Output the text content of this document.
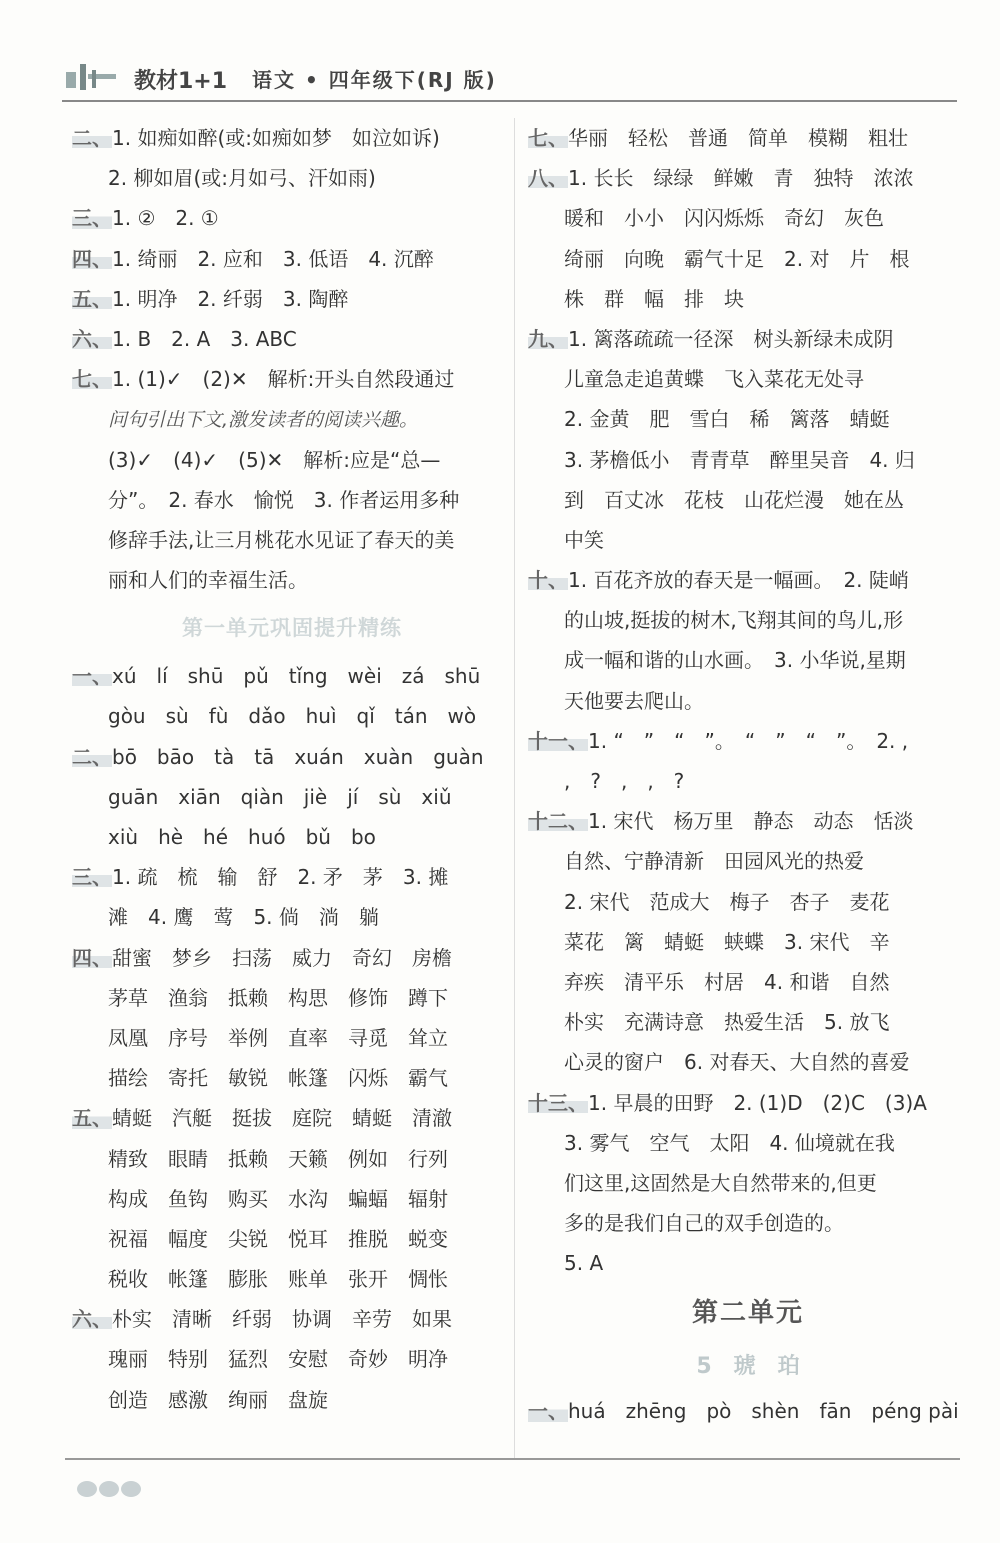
教材1+1 语文 • 四年级下(RJ 版)
二、1. 如痴如醉(或:如痴如梦　如泣如诉)
2. 柳如眉(或:月如弓、汗如雨)
三、1. ②　2. ①
四、1. 绮丽　2. 应和　3. 低语　4. 沉醉
五、1. 明净　2. 纤弱　3. 陶醉
六、1. B　2. A　3. ABC
七、1. (1)✓　(2)✕　解析:开头自然段通过
问句引出下文,激发读者的阅读兴趣。
(3)✓　(4)✓　(5)✕　解析:应是“总—
分”。　2. 春水　愉悦　3. 作者运用多种
修辞手法,让三月桃花水见证了春天的美
丽和人们的幸福生活。
第一单元巩固提升精练
一、xú　lí　shū　pǔ　tǐng　wèi　zá　shū
gòu　sù　fù　dǎo　huì　qǐ　tán　wò
二、bō　bāo　tà　tā　xuán　xuàn　guàn
guān　xiān　qiàn　jiè　jí　sù　xiǔ
xiù　hè　hé　huó　bǔ　bo
三、1. 疏　梳　输　舒　2. 矛　茅　3. 摊
滩　4. 鹰　莺　5. 倘　淌　躺
四、甜蜜　梦乡　扫荡　威力　奇幻　房檐
茅草　渔翁　抵赖　构思　修饰　蹲下
凤凰　序号　举例　直率　寻觅　耸立
描绘　寄托　敏锐　帐篷　闪烁　霸气
五、蜻蜓　汽艇　挺拔　庭院　蜻蜓　清澈
精致　眼睛　抵赖　天籁　例如　行列
构成　鱼钩　购买　水沟　蝙蝠　辐射
祝福　幅度　尖锐　悦耳　推脱　蜕变
税收　帐篷　膨胀　账单　张开　惆怅
六、朴实　清晰　纤弱　协调　辛劳　如果
瑰丽　特别　猛烈　安慰　奇妙　明净
创造　感激　绚丽　盘旋
七、华丽　轻松　普通　简单　模糊　粗壮
八、1. 长长　绿绿　鲜嫩　青　独特　浓浓
暖和　小小　闪闪烁烁　奇幻　灰色
绮丽　向晚　霸气十足　2. 对　片　根
株　群　幅　排　块
九、1. 篱落疏疏一径深　树头新绿未成阴
儿童急走追黄蝶　飞入菜花无处寻
2. 金黄　肥　雪白　稀　篱落　蜻蜓
3. 茅檐低小　青青草　醉里吴音　4. 归
到　百丈冰　花枝　山花烂漫　她在丛
中笑
十、1. 百花齐放的春天是一幅画。　2. 陡峭
的山坡,挺拔的树木,飞翔其间的鸟儿,形
成一幅和谐的山水画。　3. 小华说,星期
天他要去爬山。
十一、1. “　”　“　”。　“　”　“　”。　2. ,
,　?　,　,　?
十二、1. 宋代　杨万里　静态　动态　恬淡
自然、宁静清新　田园风光的热爱
2. 宋代　范成大　梅子　杏子　麦花
菜花　篱　蜻蜓　蛱蝶　3. 宋代　辛
弃疾　清平乐　村居　4. 和谐　自然
朴实　充满诗意　热爱生活　5. 放飞
心灵的窗户　6. 对春天、大自然的喜爱
十三、1. 早晨的田野　2. (1)D　(2)C　(3)A
3. 雾气　空气　太阳　4. 仙境就在我
们这里,这固然是大自然带来的,但更
多的是我们自己的双手创造的。
5. A
第二单元
5　琥　珀
一、huá　zhēng　pò　shèn　fān　péng pài
